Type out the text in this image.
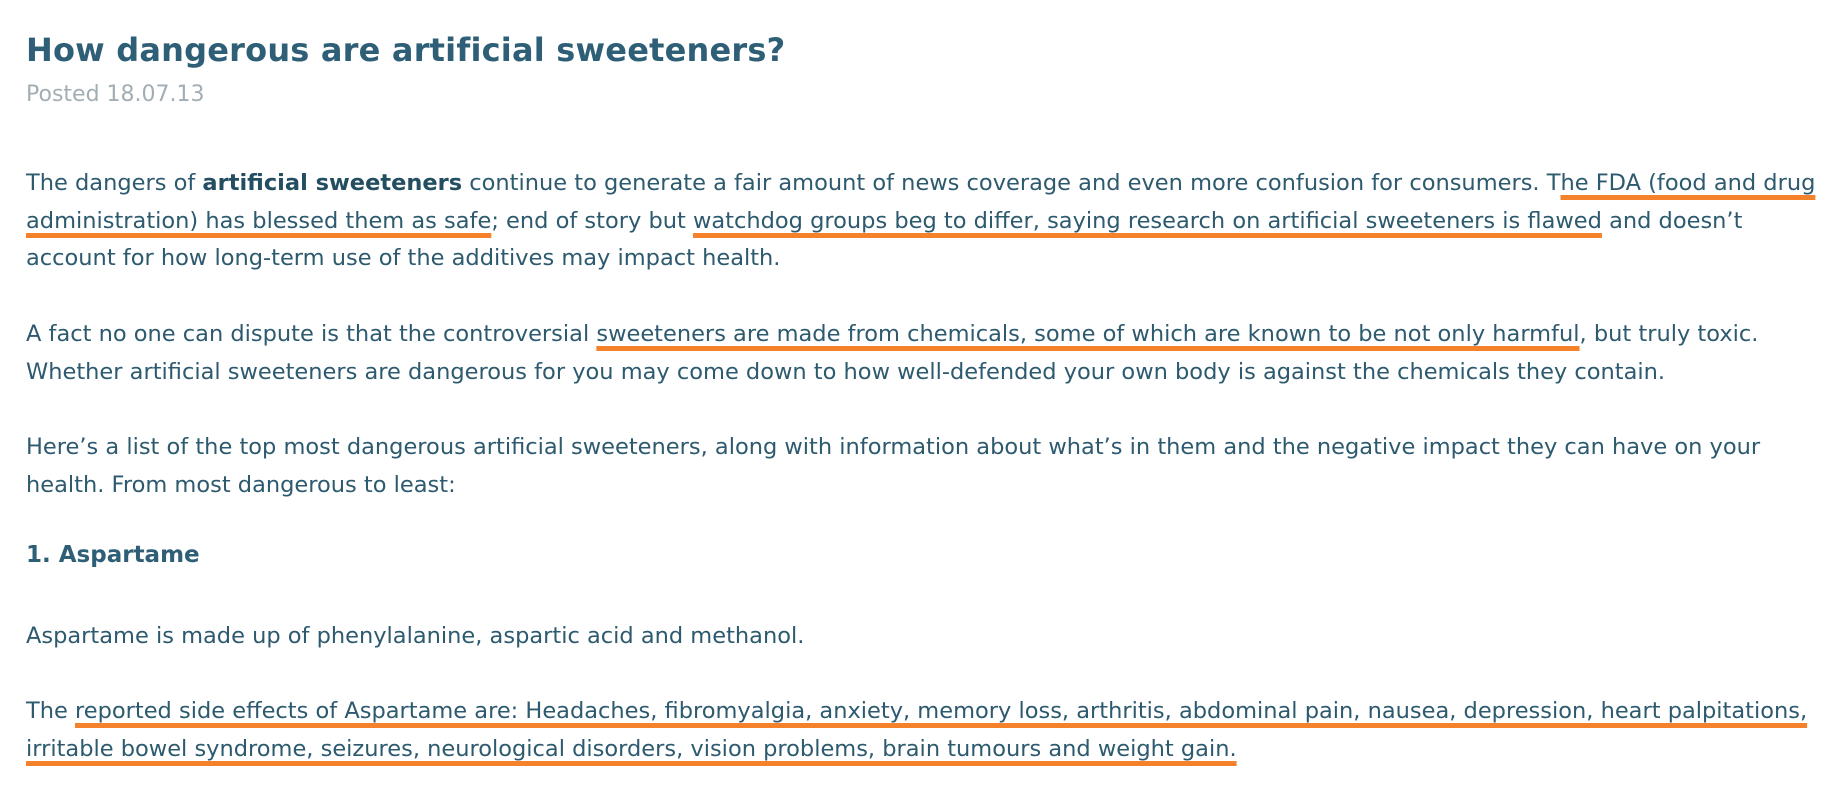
How dangerous are artificial sweeteners?
Posted 18.07.13

The dangers of artificial sweeteners continue to generate a fair amount of news coverage and even more confusion for consumers. The FDA (food and drug administration) has blessed them as safe; end of story but watchdog groups beg to differ, saying research on artificial sweeteners is flawed and doesn’t account for how long-term use of the additives may impact health.

A fact no one can dispute is that the controversial sweeteners are made from chemicals, some of which are known to be not only harmful, but truly toxic. Whether artificial sweeteners are dangerous for you may come down to how well-defended your own body is against the chemicals they contain.

Here’s a list of the top most dangerous artificial sweeteners, along with information about what’s in them and the negative impact they can have on your health. From most dangerous to least:

1. Aspartame

Aspartame is made up of phenylalanine, aspartic acid and methanol.

The reported side effects of Aspartame are: Headaches, fibromyalgia, anxiety, memory loss, arthritis, abdominal pain, nausea, depression, heart palpitations, irritable bowel syndrome, seizures, neurological disorders, vision problems, brain tumours and weight gain.
